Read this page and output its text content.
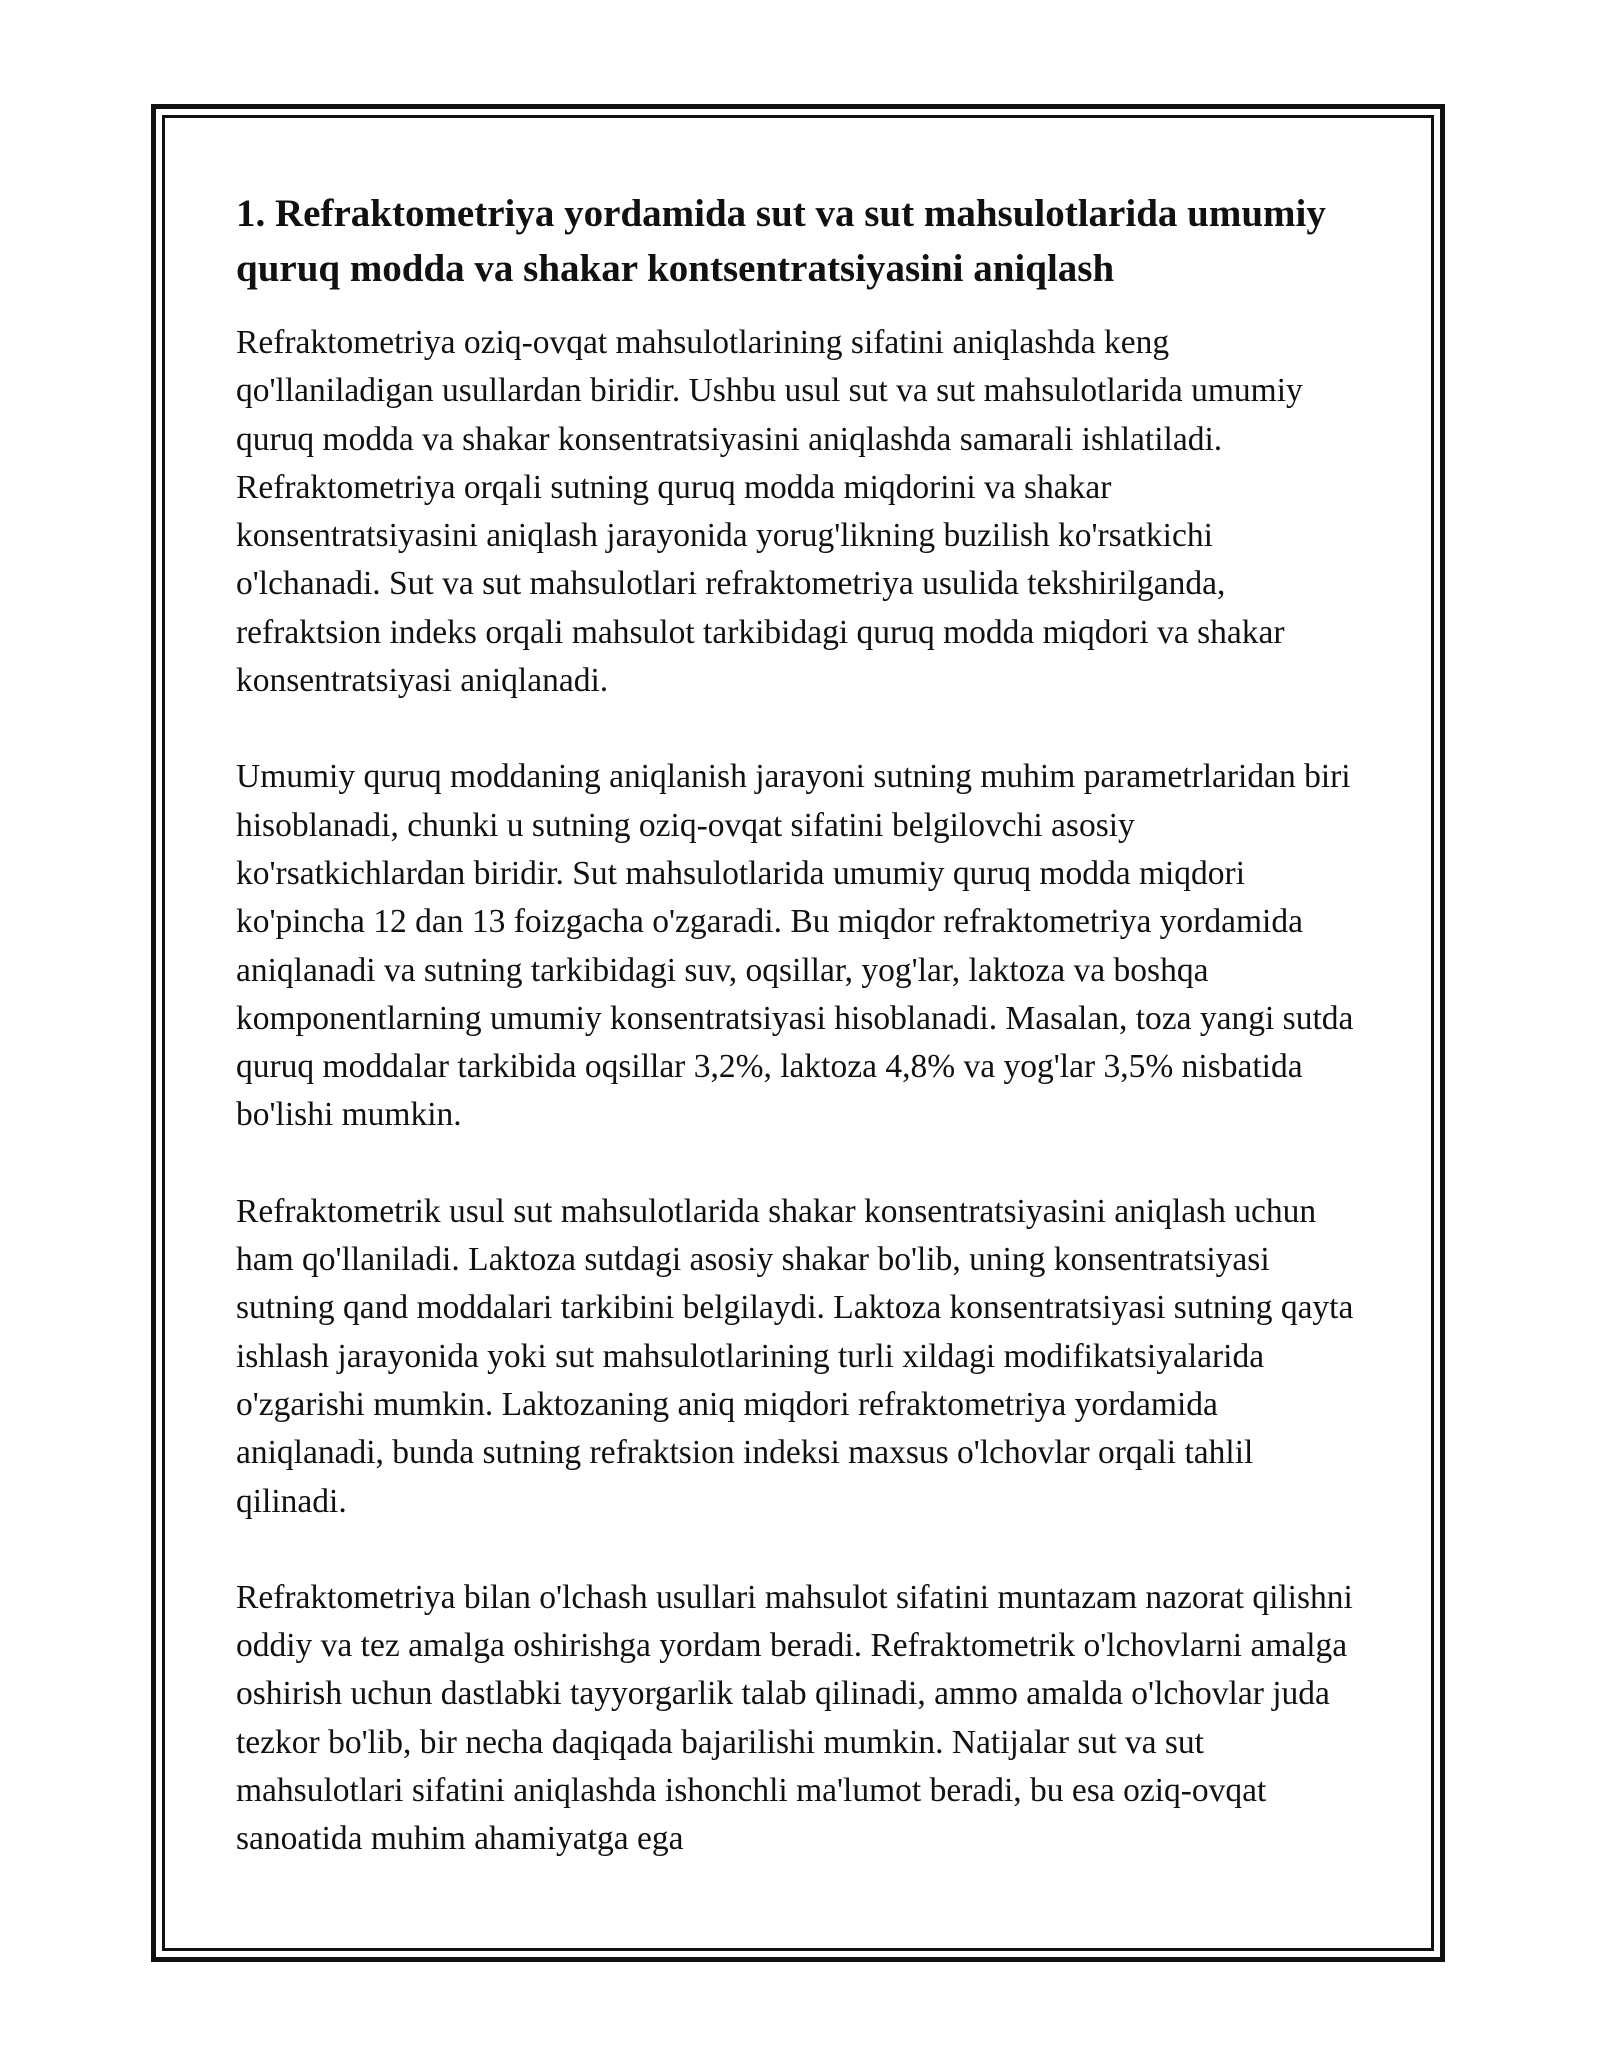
1. Refraktometriya yordamida sut va sut mahsulotlarida umumiy quruq modda va shakar kontsentratsiyasini aniqlash

Refraktometriya oziq-ovqat mahsulotlarining sifatini aniqlashda keng qo'llaniladigan usullardan biridir. Ushbu usul sut va sut mahsulotlarida umumiy quruq modda va shakar konsentratsiyasini aniqlashda samarali ishlatiladi. Refraktometriya orqali sutning quruq modda miqdorini va shakar konsentratsiyasini aniqlash jarayonida yorug'likning buzilish ko'rsatkichi o'lchanadi. Sut va sut mahsulotlari refraktometriya usulida tekshirilganda, refraktsion indeks orqali mahsulot tarkibidagi quruq modda miqdori va shakar konsentratsiyasi aniqlanadi.

Umumiy quruq moddaning aniqlanish jarayoni sutning muhim parametrlaridan biri hisoblanadi, chunki u sutning oziq-ovqat sifatini belgilovchi asosiy ko'rsatkichlardan biridir. Sut mahsulotlarida umumiy quruq modda miqdori ko'pincha 12 dan 13 foizgacha o'zgaradi. Bu miqdor refraktometriya yordamida aniqlanadi va sutning tarkibidagi suv, oqsillar, yog'lar, laktoza va boshqa komponentlarning umumiy konsentratsiyasi hisoblanadi. Masalan, toza yangi sutda quruq moddalar tarkibida oqsillar 3,2%, laktoza 4,8% va yog'lar 3,5% nisbatida bo'lishi mumkin.

Refraktometrik usul sut mahsulotlarida shakar konsentratsiyasini aniqlash uchun ham qo'llaniladi. Laktoza sutdagi asosiy shakar bo'lib, uning konsentratsiyasi sutning qand moddalari tarkibini belgilaydi. Laktoza konsentratsiyasi sutning qayta ishlash jarayonida yoki sut mahsulotlarining turli xildagi modifikatsiyalarida o'zgarishi mumkin. Laktozaning aniq miqdori refraktometriya yordamida aniqlanadi, bunda sutning refraktsion indeksi maxsus o'lchovlar orqali tahlil qilinadi.

Refraktometriya bilan o'lchash usullari mahsulot sifatini muntazam nazorat qilishni oddiy va tez amalga oshirishga yordam beradi. Refraktometrik o'lchovlarni amalga oshirish uchun dastlabki tayyorgarlik talab qilinadi, ammo amalda o'lchovlar juda tezkor bo'lib, bir necha daqiqada bajarilishi mumkin. Natijalar sut va sut mahsulotlari sifatini aniqlashda ishonchli ma'lumot beradi, bu esa oziq-ovqat sanoatida muhim ahamiyatga ega
